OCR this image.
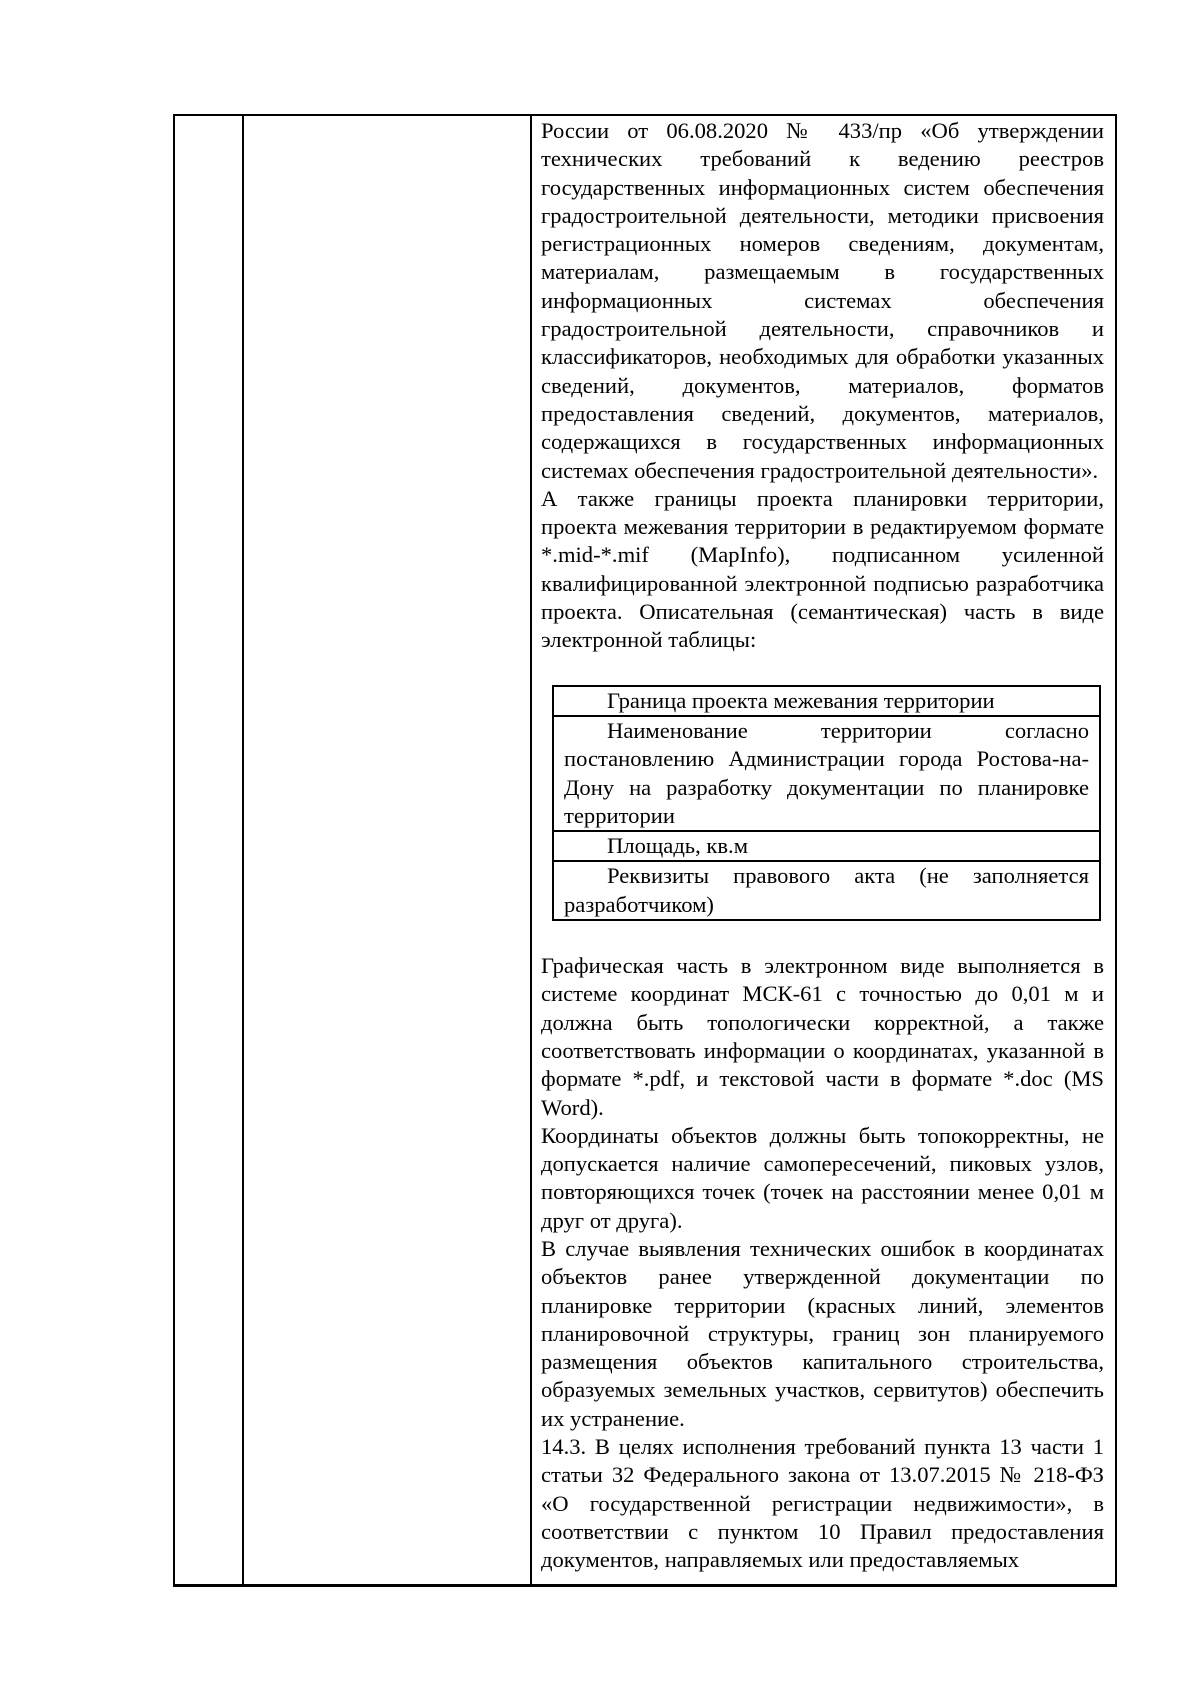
России от 06.08.2020 № 433/пр «Об утверждении технических требований к ведению реестров государственных информационных систем обеспечения градостроительной деятельности, методики присвоения регистрационных номеров сведениям, документам, материалам, размещаемым в государственных информационных системах обеспечения градостроительной деятельности, справочников и классификаторов, необходимых для обработки указанных сведений, документов, материалов, форматов предоставления сведений, документов, материалов, содержащихся в государственных информационных системах обеспечения градостроительной деятельности».

А также границы проекта планировки территории, проекта межевания территории в редактируемом формате *.mid-*.mif (MapInfo), подписанном усиленной квалифицированной электронной подписью разработчика проекта. Описательная (семантическая) часть в виде электронной таблицы:

Граница проекта межевания территории

Наименование территории согласно постановлению Администрации города Ростова-на-Дону на разработку документации по планировке территории

Площадь, кв.м

Реквизиты правового акта (не заполняется разработчиком)

Графическая часть в электронном виде выполняется в системе координат МСК-61 с точностью до 0,01 м и должна быть топологически корректной, а также соответствовать информации о координатах, указанной в формате *.pdf, и текстовой части в формате *.doc (MS Word).

Координаты объектов должны быть топокорректны, не допускается наличие самопересечений, пиковых узлов, повторяющихся точек (точек на расстоянии менее 0,01 м друг от друга).

В случае выявления технических ошибок в координатах объектов ранее утвержденной документации по планировке территории (красных линий, элементов планировочной структуры, границ зон планируемого размещения объектов капитального строительства, образуемых земельных участков, сервитутов) обеспечить их устранение.

14.3. В целях исполнения требований пункта 13 части 1 статьи 32 Федерального закона от 13.07.2015 № 218-ФЗ «О государственной регистрации недвижимости», в соответствии с пунктом 10 Правил предоставления документов, направляемых или предоставляемых
